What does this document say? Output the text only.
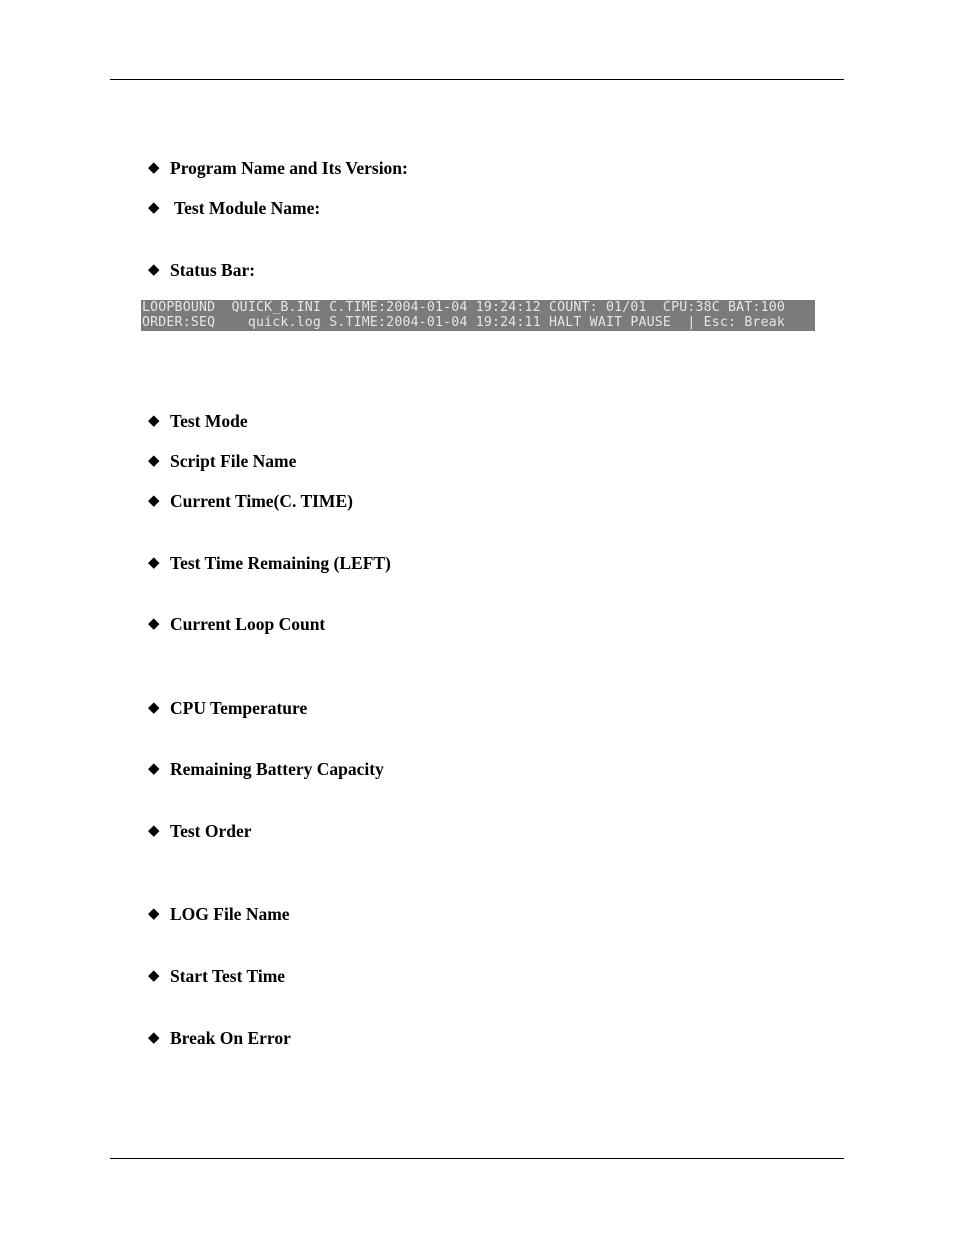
◆ Program Name and Its Version:
◆ Test Module Name:
◆ Status Bar:
LOOPBOUND  QUICK_B.INI C.TIME:2004-01-04 19:24:12 COUNT: 01/01  CPU:38C BAT:100
ORDER:SEQ    quick.log S.TIME:2004-01-04 19:24:11 HALT WAIT PAUSE  | Esc: Break
◆ Test Mode
◆ Script File Name
◆ Current Time(C. TIME)
◆ Test Time Remaining (LEFT)
◆ Current Loop Count
◆ CPU Temperature
◆ Remaining Battery Capacity
◆ Test Order
◆ LOG File Name
◆ Start Test Time
◆ Break On Error
